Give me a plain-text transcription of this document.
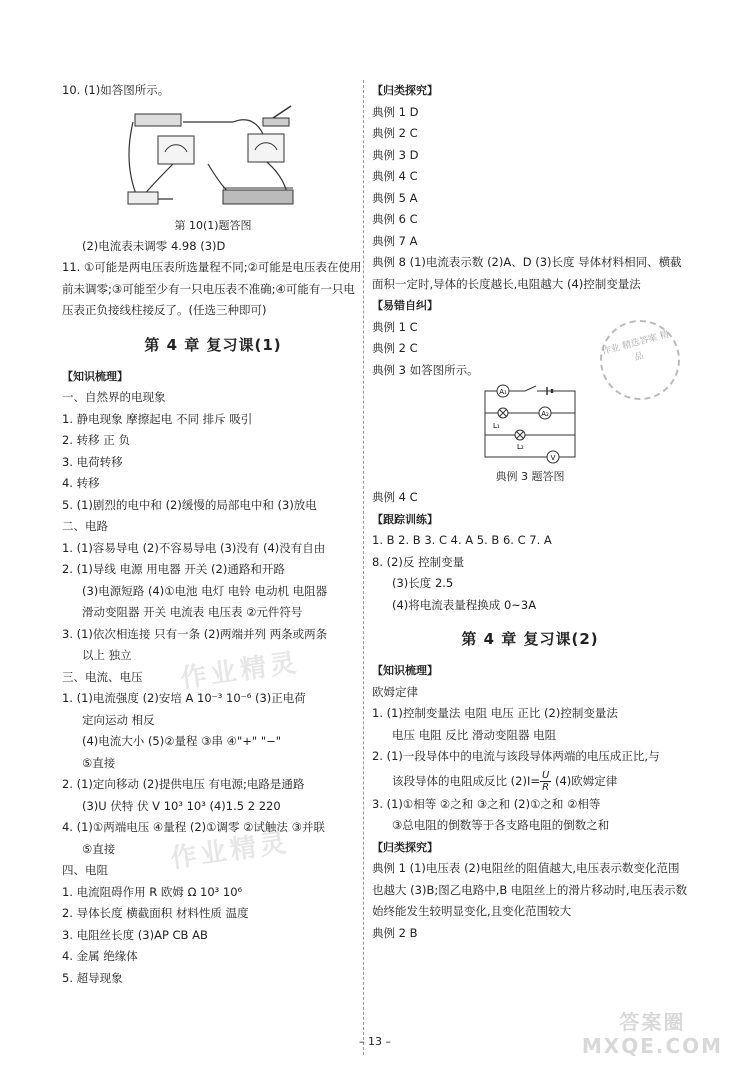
10. (1)如答图所示。
第 10(1)题答图
(2)电流表未调零 4.98 (3)D
11. ①可能是两电压表所选量程不同;②可能是电压表在使用前未调零;③可能至少有一只电压表不准确;④可能有一只电压表正负接线柱接反了。(任选三种即可)
第 4 章 复习课(1)
【知识梳理】
一、自然界的电现象
1. 静电现象 摩擦起电 不同 排斥 吸引
2. 转移 正 负
3. 电荷转移
4. 转移
5. (1)剧烈的电中和 (2)缓慢的局部电中和 (3)放电
二、电路
1. (1)容易导电 (2)不容易导电 (3)没有 (4)没有自由
2. (1)导线 电源 用电器 开关 (2)通路和开路
(3)电源短路 (4)①电池 电灯 电铃 电动机 电阻器
滑动变阻器 开关 电流表 电压表 ②元件符号
3. (1)依次相连接 只有一条 (2)两端并列 两条或两条
以上 独立
三、电流、电压
1. (1)电流强度 (2)安培 A 10⁻³ 10⁻⁶ (3)正电荷
定向运动 相反
(4)电流大小 (5)②量程 ③串 ④"+" "−"
⑤直接
2. (1)定向移动 (2)提供电压 有电源;电路是通路
(3)U 伏特 伏 V 10³ 10³ (4)1.5 2 220
4. (1)①两端电压 ④量程 (2)①调零 ②试触法 ③并联
⑤直接
四、电阻
1. 电流阻碍作用 R 欧姆 Ω 10³ 10⁶
2. 导体长度 横截面积 材料性质 温度
3. 电阻丝长度 (3)AP CB AB
4. 金属 绝缘体
5. 超导现象
【归类探究】
典例 1 D
典例 2 C
典例 3 D
典例 4 C
典例 5 A
典例 6 C
典例 7 A
典例 8 (1)电流表示数 (2)A、D (3)长度 导体材料相同、横截面积一定时,导体的长度越长,电阻越大 (4)控制变量法
【易错自纠】
典例 1 C
典例 2 C
典例 3 如答图所示。
A₁
L₁
A₂
L₂
V
典例 3 题答图
典例 4 C
【跟踪训练】
1. B 2. B 3. C 4. A 5. B 6. C 7. A
8. (2)反 控制变量
(3)长度 2.5
(4)将电流表量程换成 0~3A
第 4 章 复习课(2)
【知识梳理】
欧姆定律
1. (1)控制变量法 电阻 电压 正比 (2)控制变量法
电压 电阻 反比 滑动变阻器 电阻
2. (1)一段导体中的电流与该段导体两端的电压成正比,与
该段导体的电阻成反比 $(2)I= \frac{U}{R} (4)$欧姆定律
3. (1)①相等 ②之和 ③之和 (2)①之和 ②相等
③总电阻的倒数等于各支路电阻的倒数之和
【归类探究】
典例 1 (1)电压表 (2)电阻丝的阻值越大,电压表示数变化范围也越大 (3)B;图乙电路中,B 电阻丝上的滑片移动时,电压表示数始终能发生较明显变化,且变化范围较大
典例 2 B
作业 精选答案 精品
作业精灵
作业精灵
答案圈 MXQE.COM
– 13 –
